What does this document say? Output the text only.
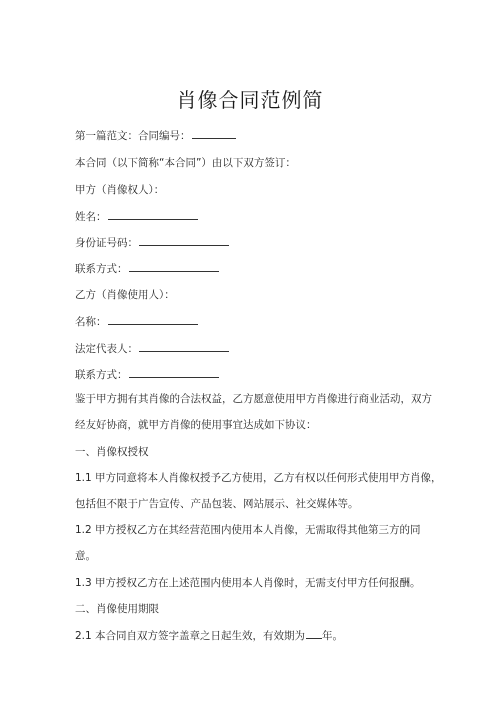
肖像合同范例简
第一篇范文：合同编号：
本合同（以下简称“本合同”）由以下双方签订：
甲方（肖像权人）：
姓名：
身份证号码：
联系方式：
乙方（肖像使用人）：
名称：
法定代表人：
联系方式：
鉴于甲方拥有其肖像的合法权益，乙方愿意使用甲方肖像进行商业活动，双方
经友好协商，就甲方肖像的使用事宜达成如下协议：
一、肖像权授权
1.1 甲方同意将本人肖像权授予乙方使用，乙方有权以任何形式使用甲方肖像，
包括但不限于广告宣传、产品包装、网站展示、社交媒体等。
1.2 甲方授权乙方在其经营范围内使用本人肖像，无需取得其他第三方的同
意。
1.3 甲方授权乙方在上述范围内使用本人肖像时，无需支付甲方任何报酬。
二、肖像使用期限
2.1 本合同自双方签字盖章之日起生效，有效期为 年。
